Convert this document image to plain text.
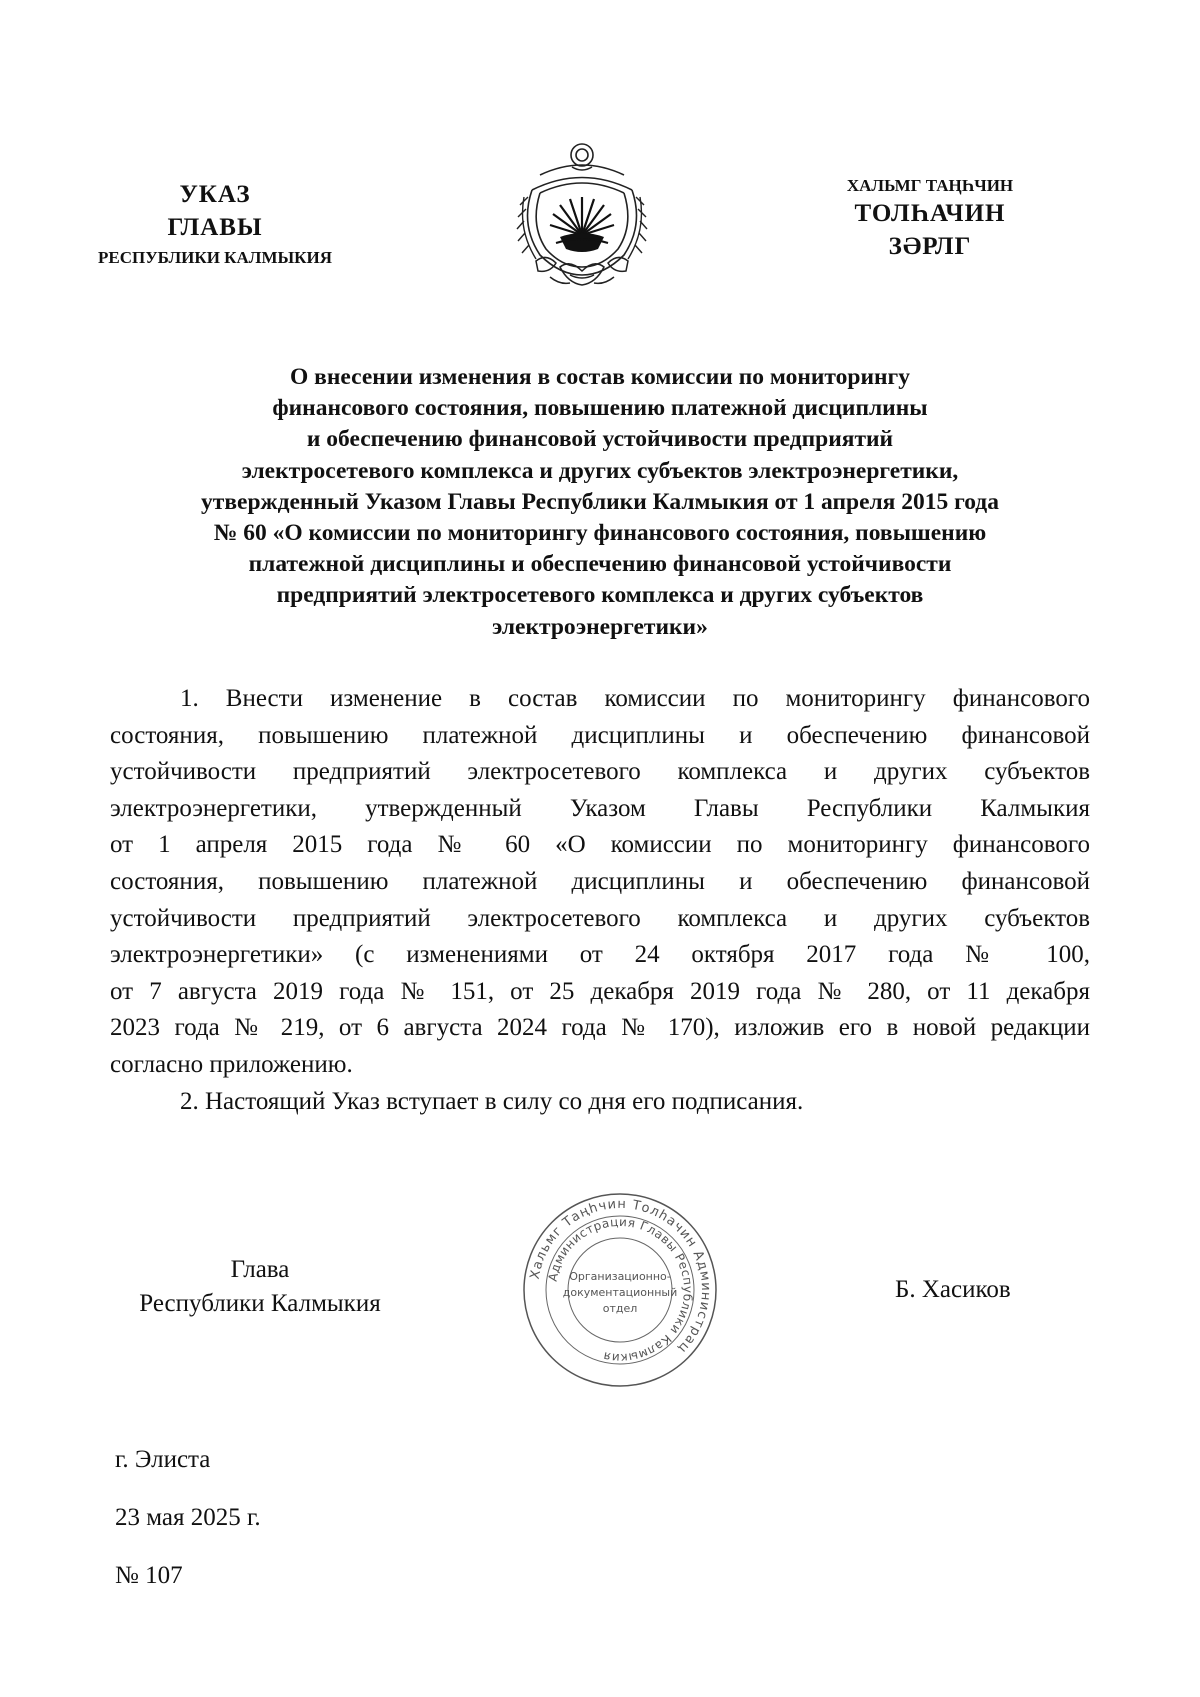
УКАЗ
ГЛАВЫ
РЕСПУБЛИКИ КАЛМЫКИЯ
ХАЛЬМГ ТАҢҺЧИН
ТОЛҺАЧИН
ЗӘРЛГ
О внесении изменения в состав комиссии по мониторингу
финансового состояния, повышению платежной дисциплины
и обеспечению финансовой устойчивости предприятий
электросетевого комплекса и других субъектов электроэнергетики,
утвержденный Указом Главы Республики Калмыкия от 1 апреля 2015 года
№ 60 «О комиссии по мониторингу финансового состояния, повышению
платежной дисциплины и обеспечению финансовой устойчивости
предприятий электросетевого комплекса и других субъектов
электроэнергетики»
1. Внести изменение в состав комиссии по мониторингу финансового
состояния, повышению платежной дисциплины и обеспечению финансовой
устойчивости предприятий электросетевого комплекса и других субъектов
электроэнергетики, утвержденный Указом Главы Республики Калмыкия
от 1 апреля 2015 года № 60 «О комиссии по мониторингу финансового
состояния, повышению платежной дисциплины и обеспечению финансовой
устойчивости предприятий электросетевого комплекса и других субъектов
электроэнергетики» (с изменениями от 24 октября 2017 года № 100,
от 7 августа 2019 года № 151, от 25 декабря 2019 года № 280, от 11 декабря
2023 года № 219, от 6 августа 2024 года № 170), изложив его в новой редакции
согласно приложению.
2. Настоящий Указ вступает в силу со дня его подписания.
Глава
Республики Калмыкия
Хальмг Таңһчин Толһачин Администрац
Администрация Главы Республики Калмыкия
Организационно-
документационный
отдел
Б. Хасиков
г. Элиста
23 мая 2025 г.
№ 107
